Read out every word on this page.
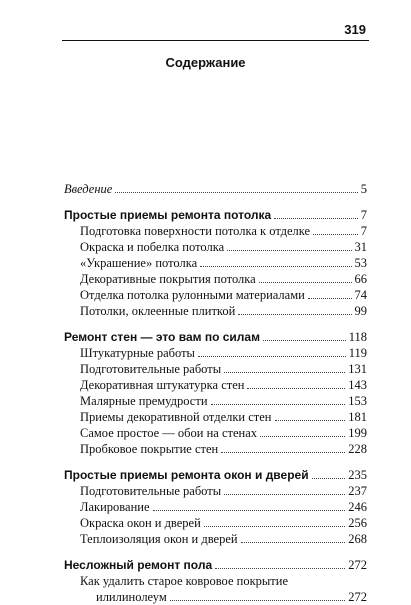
319
Содержание
Введение	5
Простые приемы ремонта потолка	7
Подготовка поверхности потолка к отделке	7
Окраска и побелка потолка	31
«Украшение» потолка	53
Декоративные покрытия потолка	66
Отделка потолка рулонными материалами	74
Потолки, оклеенные плиткой	99
Ремонт стен — это вам по силам	118
Штукатурные работы	119
Подготовительные работы	131
Декоративная штукатурка стен	143
Малярные премудрости	153
Приемы декоративной отделки стен	181
Самое простое — обои на стенах	199
Пробковое покрытие стен	228
Простые приемы ремонта окон и дверей	235
Подготовительные работы	237
Лакирование	246
Окраска окон и дверей	256
Теплоизоляция окон и дверей	268
Несложный ремонт пола	272
Как удалить старое ковровое покрытие
илилинолеум	272
